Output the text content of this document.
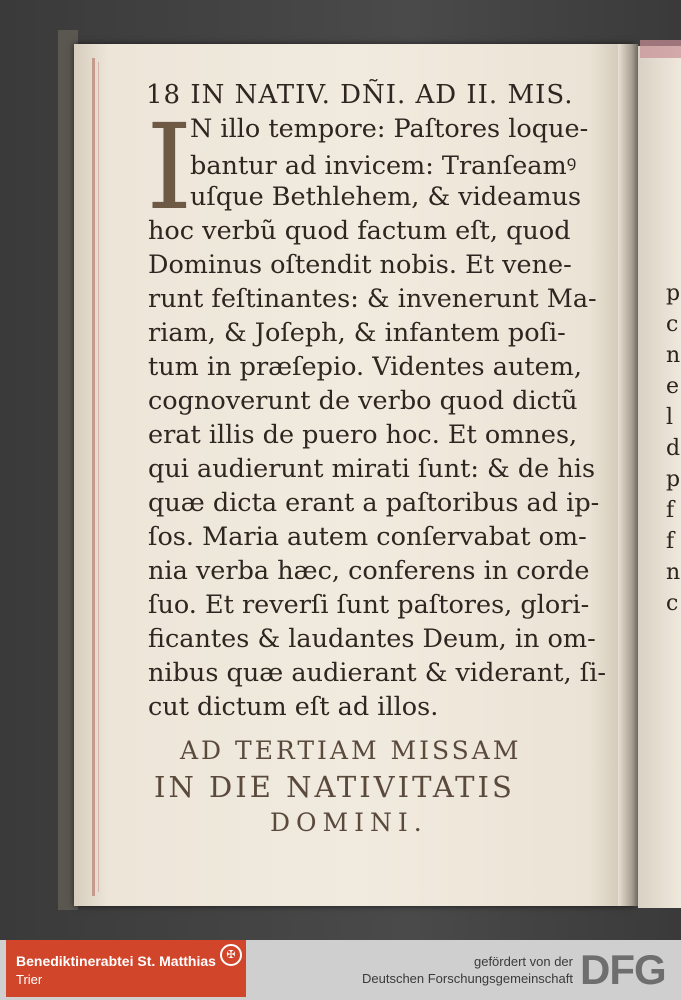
p
c
n
e
l
d
p
f
f
n
c
18 IN NATIV. DÑI. AD II. MIS.
I
N illo tempore: Paſtores loque-
bantur ad invicem: Tranſeamꝰ
uſque Bethlehem, & videamus
hoc verbũ quod factum eſt, quod
Dominus oſtendit nobis. Et vene-
runt feſtinantes: & invenerunt Ma-
riam, & Joſeph, & infantem poſi-
tum in præſepio. Videntes autem,
cognoverunt de verbo quod dictũ
erat illis de puero hoc. Et omnes,
qui audierunt mirati ſunt: & de his
quæ dicta erant a paſtoribus ad ip-
ſos. Maria autem conſervabat om-
nia verba hæc, conferens in corde
ſuo. Et reverſi ſunt paſtores, glori-
ficantes & laudantes Deum, in om-
nibus quæ audierant & viderant, ſi-
cut dictum eſt ad illos.
AD TERTIAM MISSAM
IN DIE NATIVITATIS
DOMINI.
Benediktinerabtei St. Matthias
Trier
✠	gefördert von der
Deutschen Forschungsgemeinschaft DFG
